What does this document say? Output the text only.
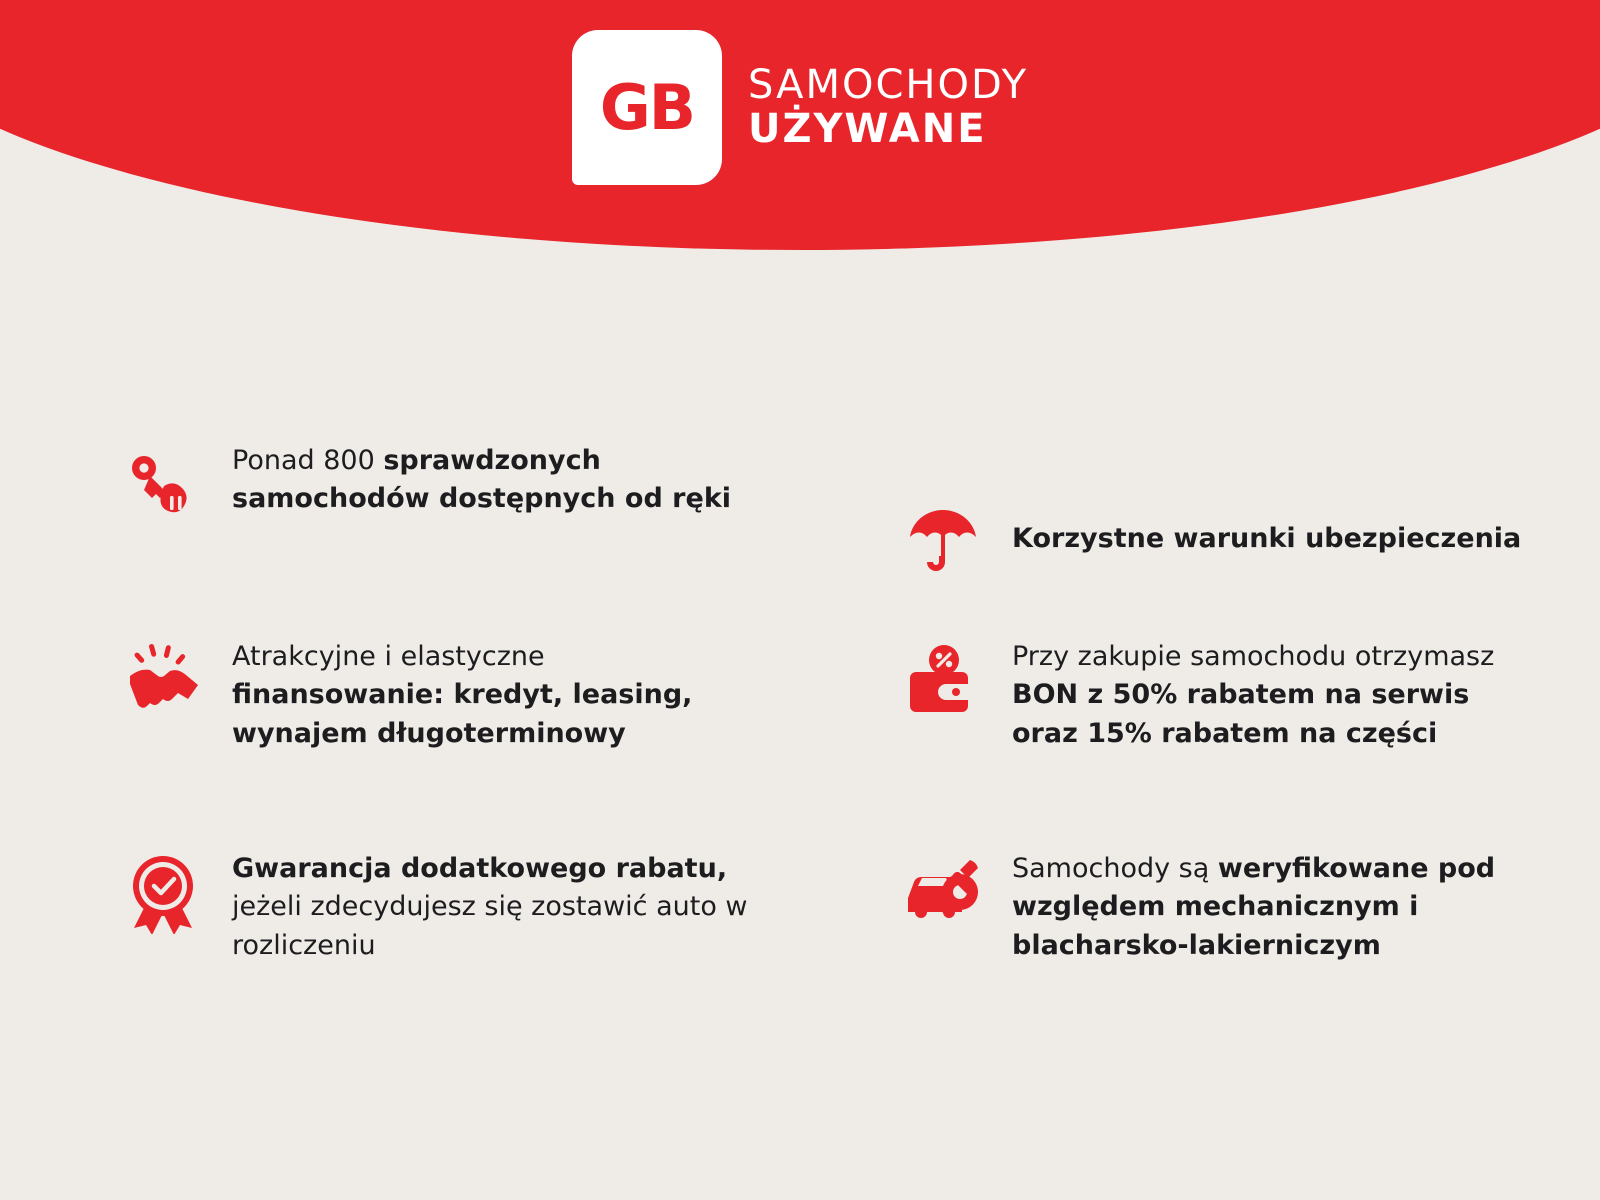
GB SAMOCHODY
UŻYWANE
Ponad 800 sprawdzonych samochodów dostępnych od ręki
Korzystne warunki ubezpieczenia
Atrakcyjne i elastyczne finansowanie: kredyt, leasing, wynajem długoterminowy
Przy zakupie samochodu otrzymasz BON z 50% rabatem na serwis oraz 15% rabatem na części
Gwarancja dodatkowego rabatu, jeżeli zdecydujesz się zostawić auto w rozliczeniu
Samochody są weryfikowane pod względem mechanicznym i blacharsko-lakierniczym
